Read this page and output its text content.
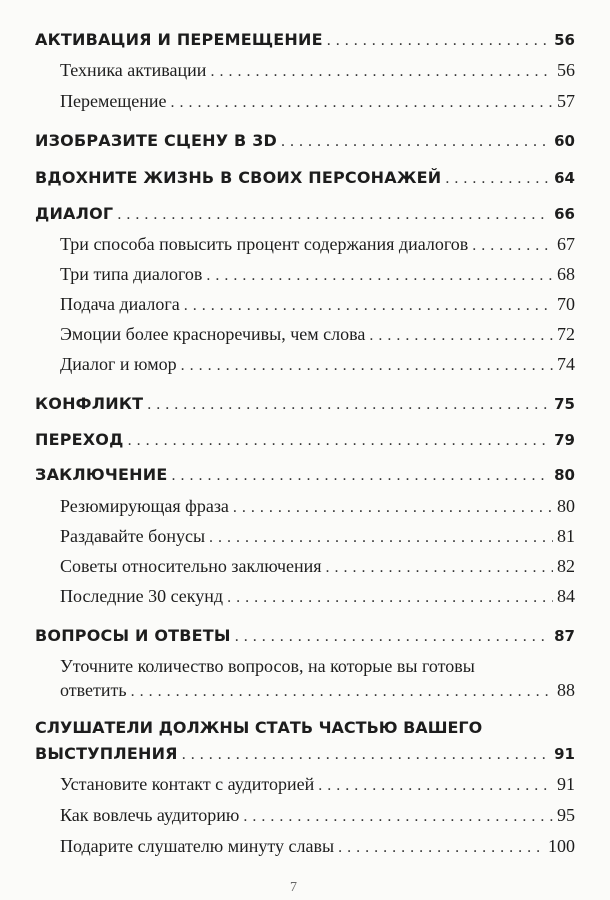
АКТИВАЦИЯ И ПЕРЕМЕЩЕНИЕ . . .	56
Техника активации . . .	56
Перемещение . . .	57
ИЗОБРАЗИТЕ СЦЕНУ В 3D . . .	60
ВДОХНИТЕ ЖИЗНЬ В СВОИХ ПЕРСОНАЖЕЙ . . .	64
ДИАЛОГ . . .	66
Три способа повысить процент содержания диалогов . . .	67
Три типа диалогов . . .	68
Подача диалога . . .	70
Эмоции более красноречивы, чем слова . . .	72
Диалог и юмор . . .	74
КОНФЛИКТ . . .	75
ПЕРЕХОД . . .	79
ЗАКЛЮЧЕНИЕ . . .	80
Резюмирующая фраза . . .	80
Раздавайте бонусы . . .	81
Советы относительно заключения . . .	82
Последние 30 секунд . . .	84
ВОПРОСЫ И ОТВЕТЫ . . .	87
Уточните количество вопросов, на которые вы готовы
ответить . . .	88
СЛУШАТЕЛИ ДОЛЖНЫ СТАТЬ ЧАСТЬЮ ВАШЕГО
ВЫСТУПЛЕНИЯ . . .	91
Установите контакт с аудиторией . . .	91
Как вовлечь аудиторию . . .	95
Подарите слушателю минуту славы . . .	100
7
